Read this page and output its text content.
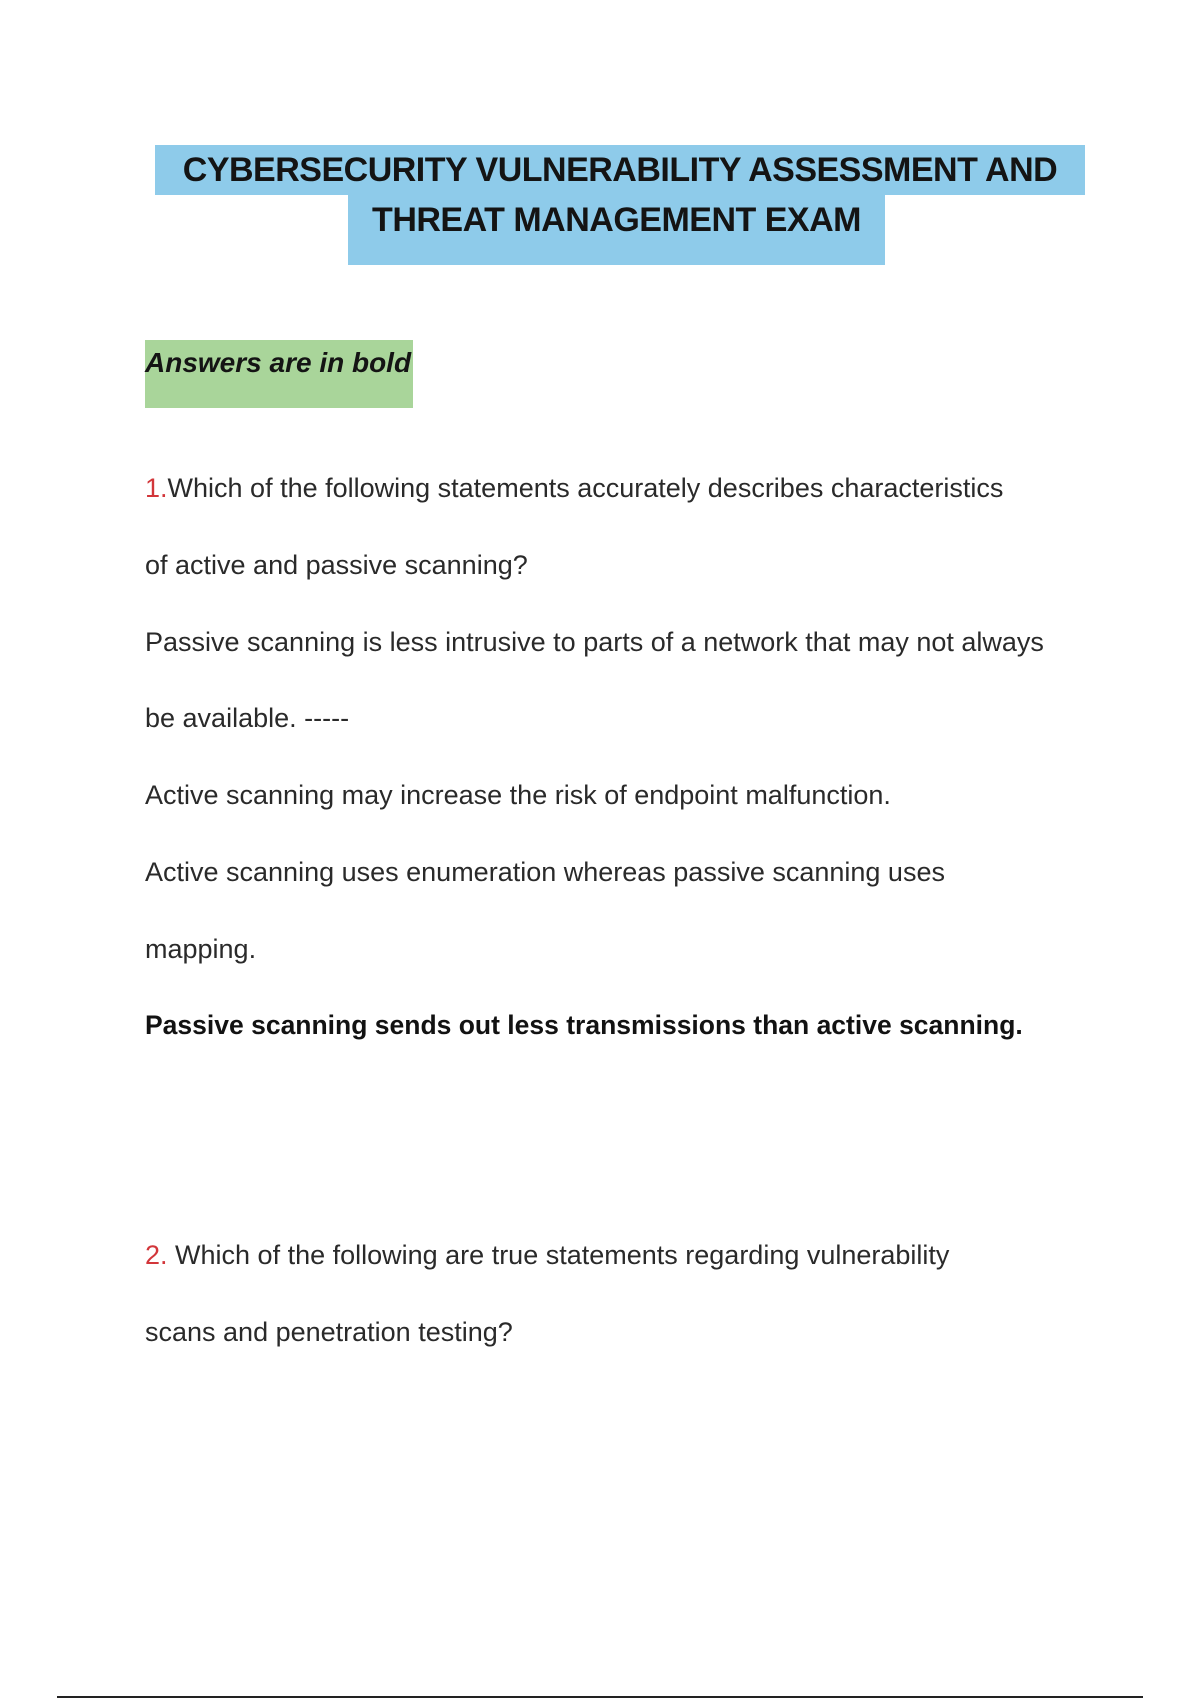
CYBERSECURITY VULNERABILITY ASSESSMENT AND
THREAT MANAGEMENT EXAM
Answers are in bold
1.Which of the following statements accurately describes characteristics
of active and passive scanning?
Passive scanning is less intrusive to parts of a network that may not always
be available. -----
Active scanning may increase the risk of endpoint malfunction.
Active scanning uses enumeration whereas passive scanning uses
mapping.
Passive scanning sends out less transmissions than active scanning.
2. Which of the following are true statements regarding vulnerability
scans and penetration testing?
